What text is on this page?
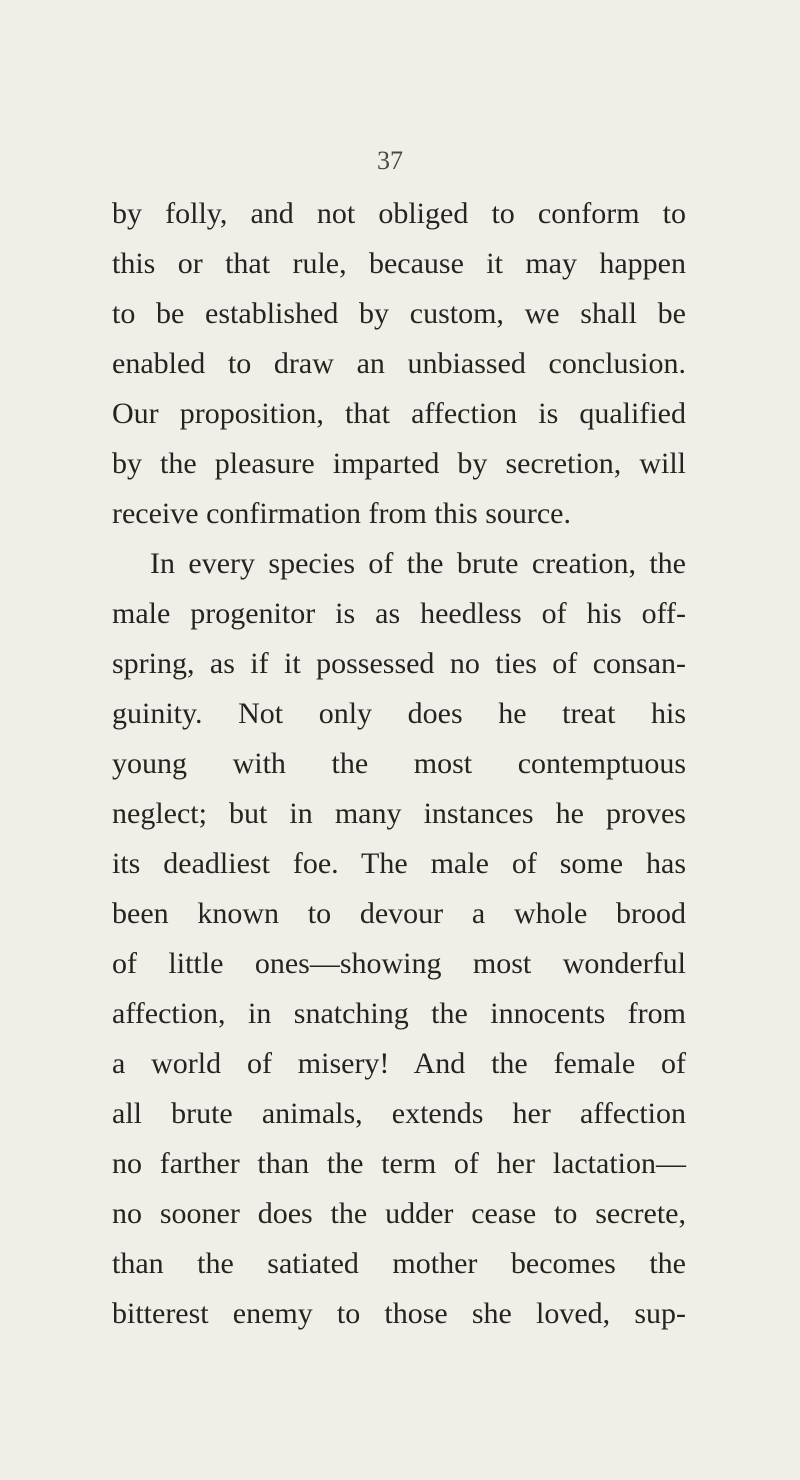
37
by folly, and not obliged to conform to
this or that rule, because it may happen
to be established by custom, we shall be
enabled to draw an unbiassed conclusion.
Our proposition, that affection is qualified
by the pleasure imparted by secretion, will
receive confirmation from this source.
In every species of the brute creation, the
male progenitor is as heedless of his off-
spring, as if it possessed no ties of consan-
guinity. Not only does he treat his
young with the most contemptuous
neglect; but in many instances he proves
its deadliest foe. The male of some has
been known to devour a whole brood
of little ones—showing most wonderful
affection, in snatching the innocents from
a world of misery! And the female of
all brute animals, extends her affection
no farther than the term of her lactation—
no sooner does the udder cease to secrete,
than the satiated mother becomes the
bitterest enemy to those she loved, sup-
